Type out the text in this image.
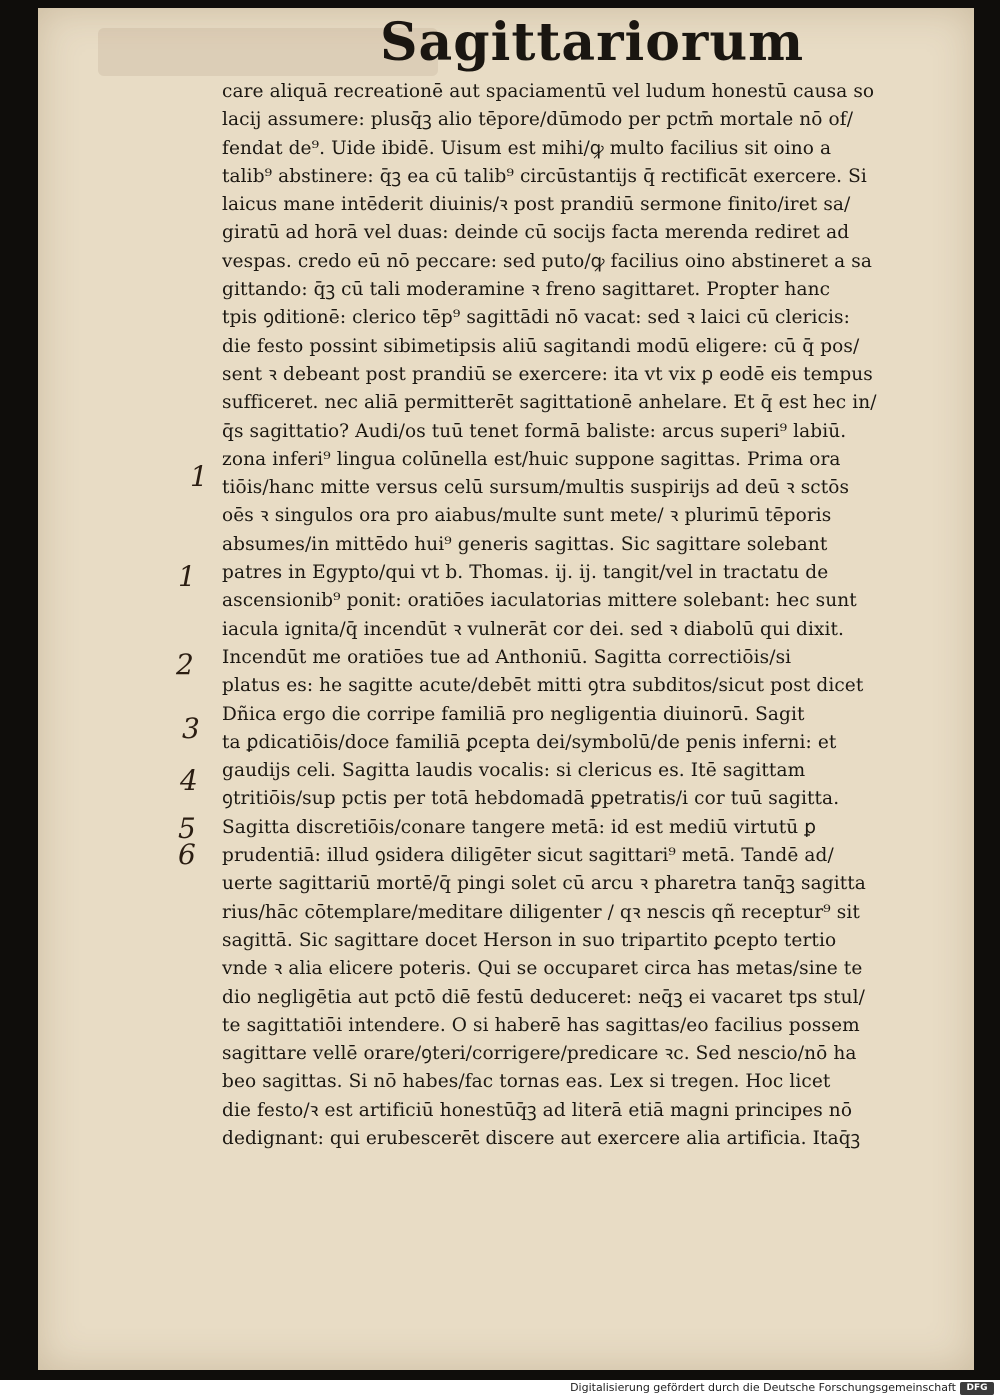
Sagittariorum
care aliquā recreationē aut spaciamentū vel ludum honestū causa so
lacij assumere: plusq̄ꝫ alio tēpore/dūmodo per pctm̄ mortale nō of/
fendat de⁹. Uide ibidē. Uisum est mihi/ꝙ multo facilius sit oino a
talib⁹ abstinere: q̄ꝫ ea cū talib⁹ circūstantijs q̄ rectificāt exercere. Si
laicus mane intēderit diuinis/ꝛ post prandiū sermone finito/iret sa/
giratū ad horā vel duas: deinde cū socijs facta merenda rediret ad
vespas. credo eū nō peccare: sed puto/ꝙ facilius oino abstineret a sa
gittando: q̄ꝫ cū tali moderamine ꝛ freno sagittaret. Propter hanc
tpis ꝯditionē: clerico tēp⁹ sagittādi nō vacat: sed ꝛ laici cū clericis:
die festo possint sibimetipsis aliū sagitandi modū eligere: cū q̄ pos/
sent ꝛ debeant post prandiū se exercere: ita vt vix ꝑ eodē eis tempus
sufficeret. nec aliā permitterēt sagittationē anhelare. Et q̄ est hec in/
q̄s sagittatio? Audi/os tuū tenet formā baliste: arcus superi⁹ labiū.
zona inferi⁹ lingua colūnella est/huic suppone sagittas. Prima ora
tiōis/hanc mitte versus celū sursum/multis suspirijs ad deū ꝛ sctōs
oēs ꝛ singulos ora pro aiabus/multe sunt mete/ ꝛ plurimū tēporis
absumes/in mittēdo hui⁹ generis sagittas. Sic sagittare solebant
patres in Egypto/qui vt b. Thomas. ij. ij. tangit/vel in tractatu de
ascensionib⁹ ponit: oratiōes iaculatorias mittere solebant: hec sunt
iacula ignita/q̄ incendūt ꝛ vulnerāt cor dei. sed ꝛ diabolū qui dixit.
Incendūt me oratiōes tue ad Anthoniū. Sagitta correctiōis/si
platus es: he sagitte acute/debēt mitti ꝯtra subditos/sicut post dicet
Dñica ergo die corripe familiā pro negligentia diuinorū. Sagit
ta ꝑdicatiōis/doce familiā ꝑcepta dei/symbolū/de penis inferni: et
gaudijs celi. Sagitta laudis vocalis: si clericus es. Itē sagittam
ꝯtritiōis/sup pctis per totā hebdomadā ꝑpetratis/i cor tuū sagitta.
Sagitta discretiōis/conare tangere metā: id est mediū virtutū ꝑ
prudentiā: illud ꝯsidera diligēter sicut sagittari⁹ metā. Tandē ad/
uerte sagittariū mortē/q̄ pingi solet cū arcu ꝛ pharetra tanq̄ꝫ sagitta
rius/hāc cōtemplare/meditare diligenter / qꝛ nescis qñ receptur⁹ sit
sagittā. Sic sagittare docet Herson in suo tripartito ꝑcepto tertio
vnde ꝛ alia elicere poteris. Qui se occuparet circa has metas/sine te
dio negligētia aut pctō diē festū deduceret: neq̄ꝫ ei vacaret tps stul/
te sagittatiōi intendere. O si haberē has sagittas/eo facilius possem
sagittare vellē orare/ꝯteri/corrigere/predicare ꝛc. Sed nescio/nō ha
beo sagittas. Si nō habes/fac tornas eas. Lex si tregen. Hoc licet
die festo/ꝛ est artificiū honestūq̄ꝫ ad literā etiā magni principes nō
dedignant: qui erubescerēt discere aut exercere alia artificia. Itaq̄ꝫ
1
1
2
3
4
5
6
Digitalisierung gefördert durch die Deutsche Forschungsgemeinschaft	DFG
